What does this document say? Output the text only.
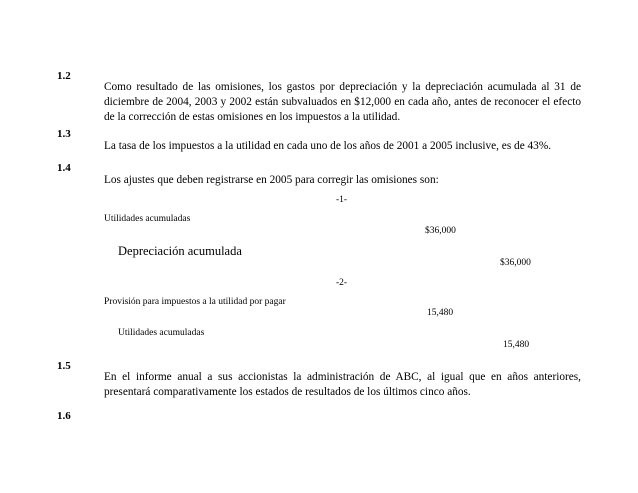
1.2
Como resultado de las omisiones, los gastos por depreciación y la depreciación acumulada al 31 de diciembre de 2004, 2003 y 2002 están subvaluados en $12,000 en cada año, antes de reconocer el efecto de la corrección de estas omisiones en los impuestos a la utilidad.
1.3
La tasa de los impuestos a la utilidad en cada uno de los años de 2001 a 2005 inclusive, es de 43%.
1.4
Los ajustes que deben registrarse en 2005 para corregir las omisiones son:
-1-
Utilidades acumuladas
$36,000
Depreciación acumulada
$36,000
-2-
Provisión para impuestos a la utilidad por pagar
15,480
Utilidades acumuladas
15,480
1.5
En el informe anual a sus accionistas la administración de ABC, al igual que en años anteriores, presentará comparativamente los estados de resultados de los últimos cinco años.
1.6
